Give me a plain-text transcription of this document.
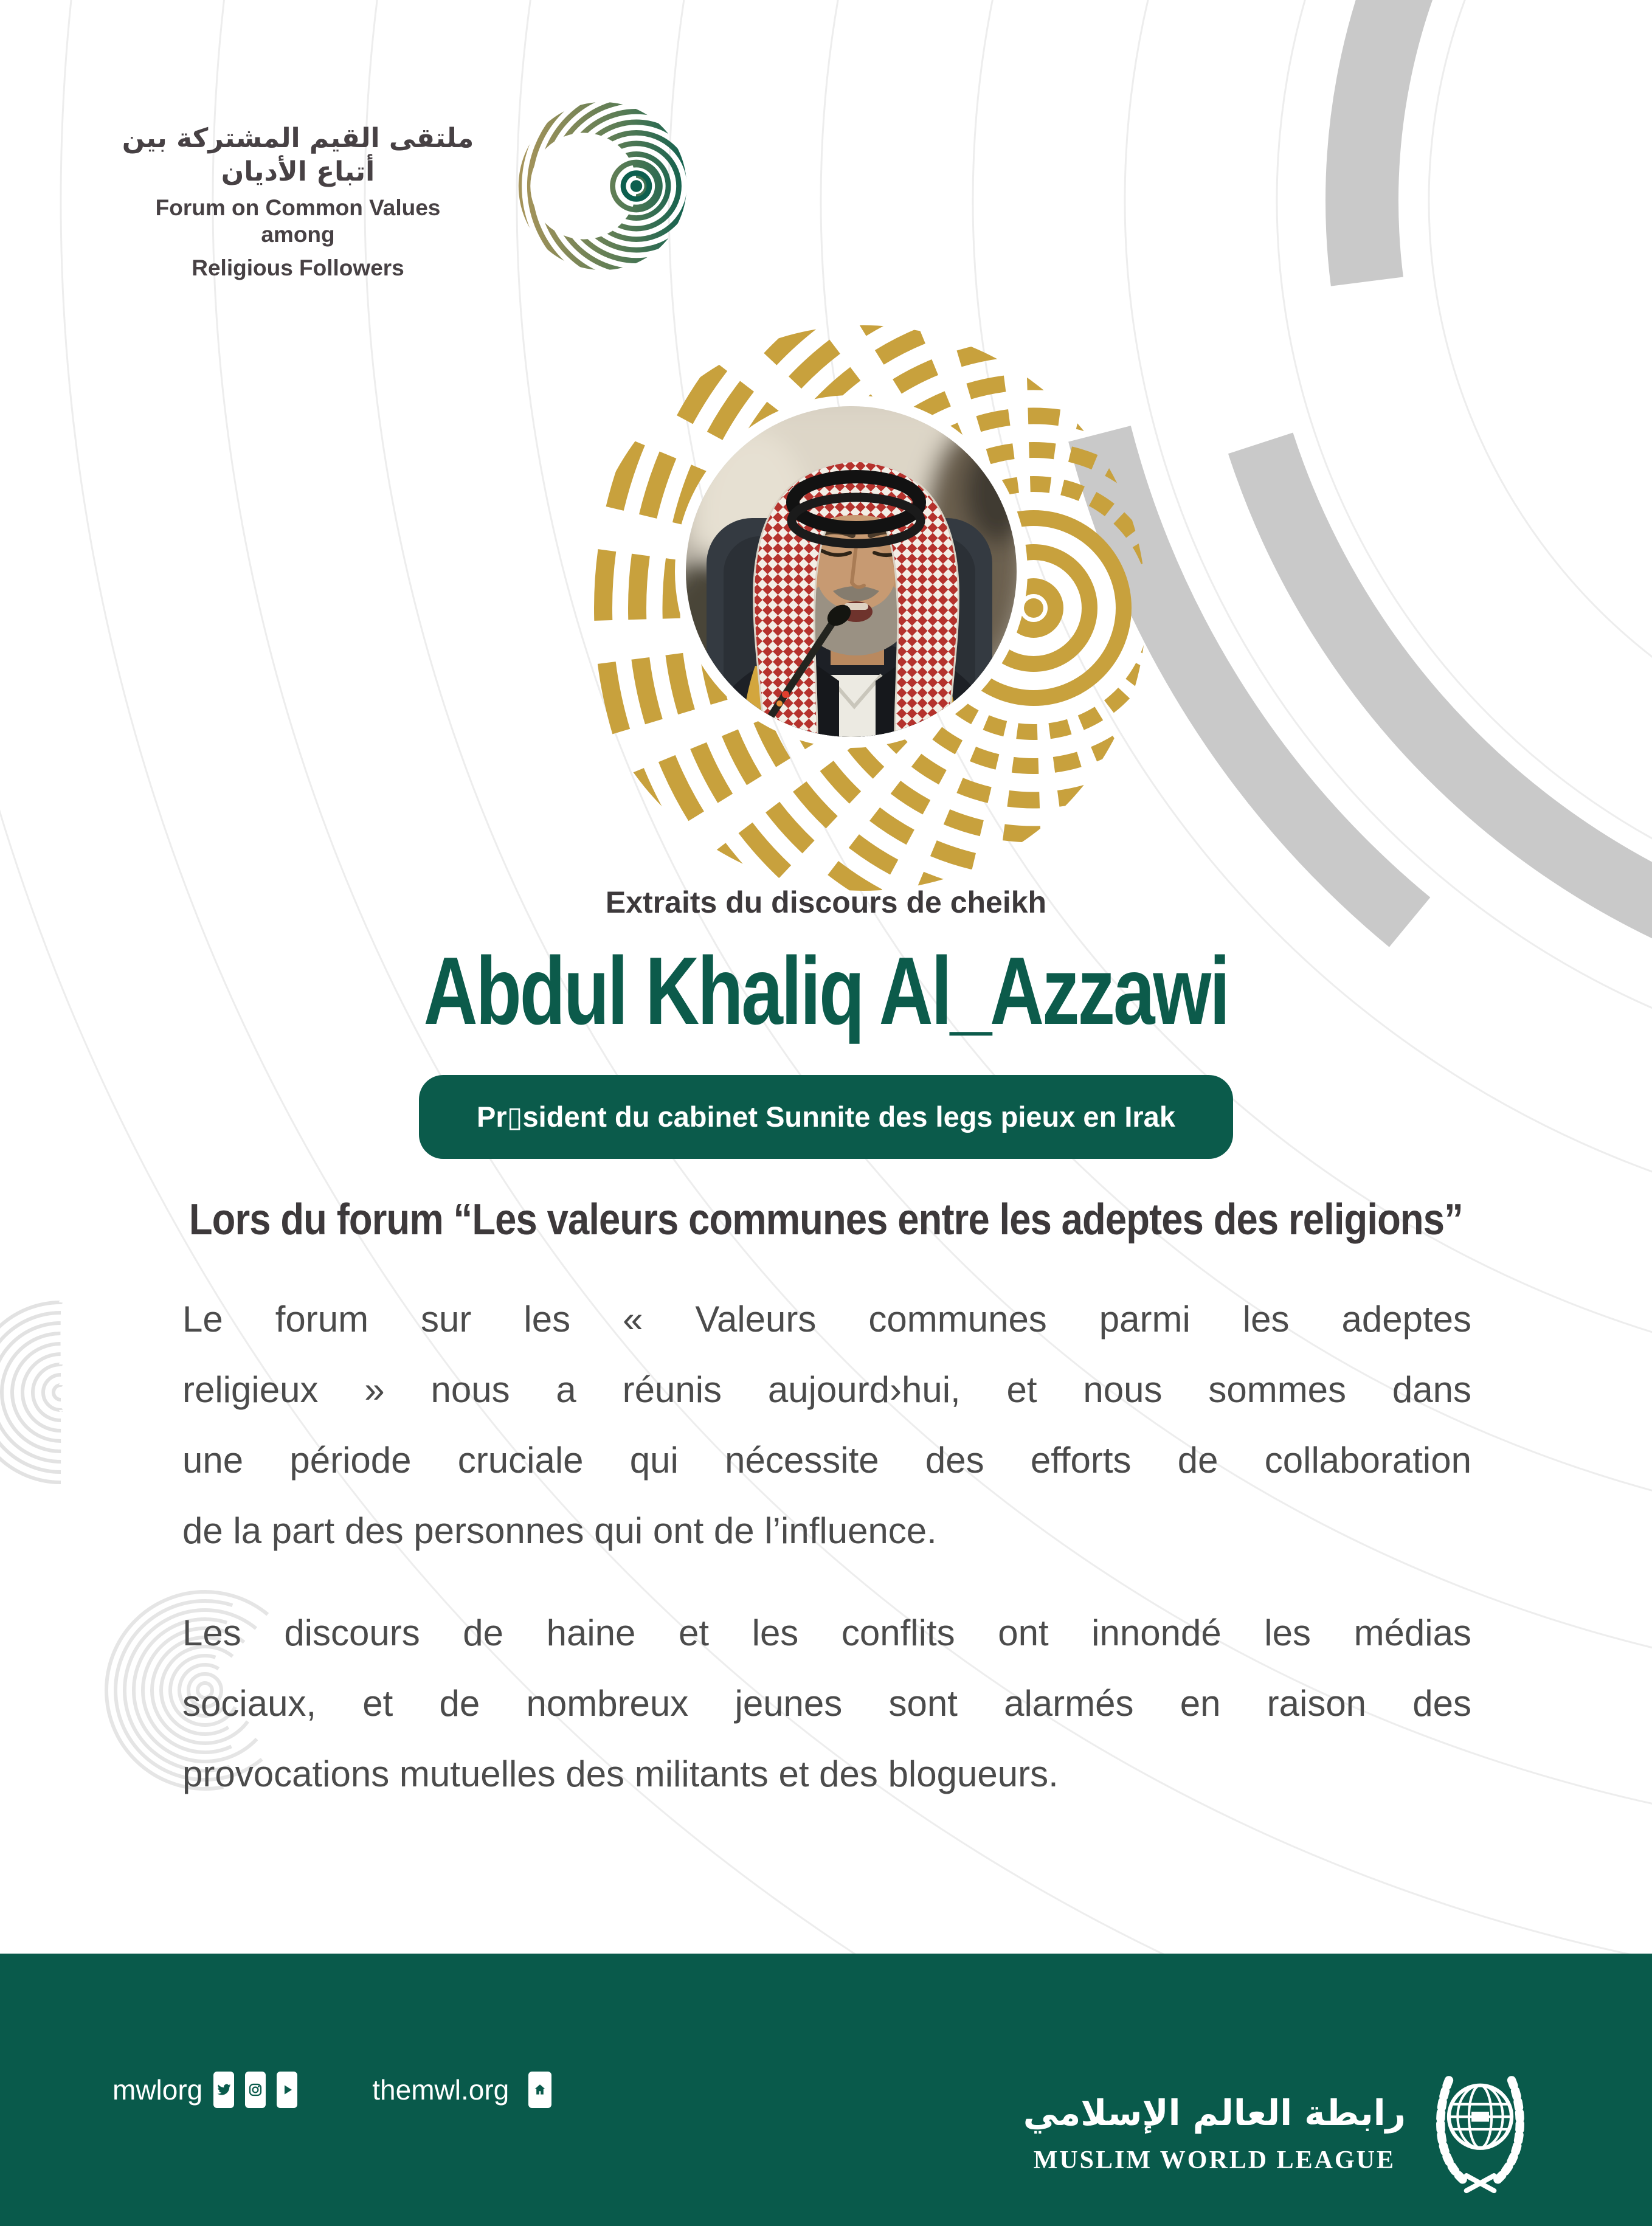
ملتقى القيم المشتركة بين أتباع الأديان
Forum on Common Values among
Religious Followers
Extraits du discours de cheikh
Abdul Khaliq Al_Azzawi
Pr▯sident du cabinet Sunnite des legs pieux en Irak
Lors du forum “Les valeurs communes entre les adeptes des religions”
Le forum sur les « Valeurs communes parmi les adeptes
religieux » nous a réunis aujourd›hui, et nous sommes dans
une période cruciale qui nécessite des efforts de collaboration
de la part des personnes qui ont de l’influence.
Les discours de haine et les conflits ont innondé les médias
sociaux, et de nombreux jeunes sont alarmés en raison des
provocations mutuelles des militants et des blogueurs.
mwlorg	themwl.org
رابطة العالم الإسلامي
MUSLIM WORLD LEAGUE
